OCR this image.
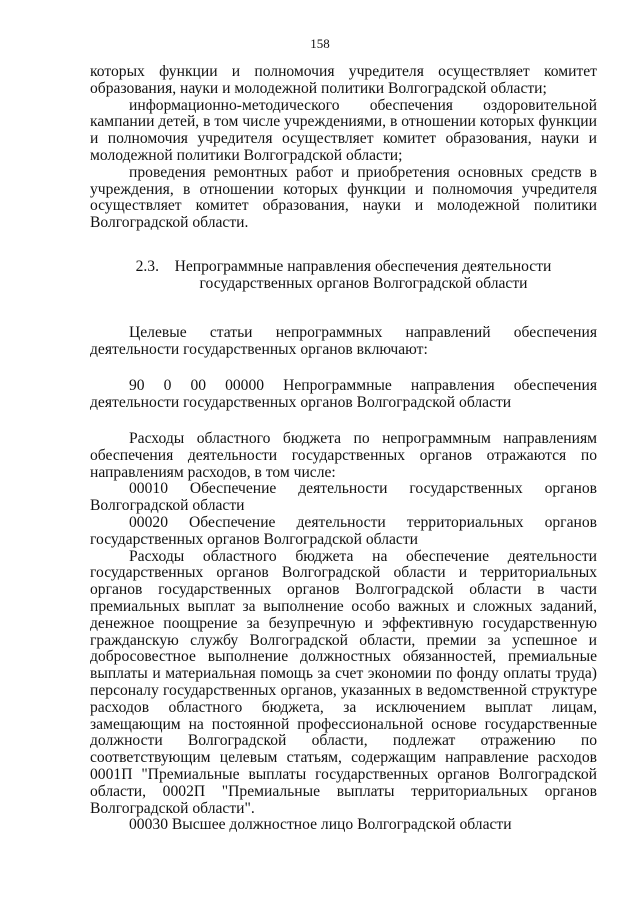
158

которых функции и полномочия учредителя осуществляет комитет образования, науки и молодежной политики Волгоградской области;

информационно-методического обеспечения оздоровительной кампании детей, в том числе учреждениями, в отношении которых функции и полномочия учредителя осуществляет комитет образования, науки и молодежной политики Волгоградской области;

проведения ремонтных работ и приобретения основных средств в учреждения, в отношении которых функции и полномочия учредителя осуществляет комитет образования, науки и молодежной политики Волгоградской области.

2.3. Непрограммные направления обеспечения деятельности
государственных органов Волгоградской области

Целевые статьи непрограммных направлений обеспечения деятельности государственных органов включают:

90 0 00 00000 Непрограммные направления обеспечения деятельности государственных органов Волгоградской области

Расходы областного бюджета по непрограммным направлениям обеспечения деятельности государственных органов отражаются по направлениям расходов, в том числе:

00010 Обеспечение деятельности государственных органов Волгоградской области

00020 Обеспечение деятельности территориальных органов государственных органов Волгоградской области

Расходы областного бюджета на обеспечение деятельности государственных органов Волгоградской области и территориальных органов государственных органов Волгоградской области в части премиальных выплат за выполнение особо важных и сложных заданий, денежное поощрение за безупречную и эффективную государственную гражданскую службу Волгоградской области, премии за успешное и добросовестное выполнение должностных обязанностей, премиальные выплаты и материальная помощь за счет экономии по фонду оплаты труда) персоналу государственных органов, указанных в ведомственной структуре расходов областного бюджета, за исключением выплат лицам, замещающим на постоянной профессиональной основе государственные должности Волгоградской области, подлежат отражению по соответствующим целевым статьям, содержащим направление расходов 0001П "Премиальные выплаты государственных органов Волгоградской области, 0002П "Премиальные выплаты территориальных органов Волгоградской области".

00030 Высшее должностное лицо Волгоградской области
